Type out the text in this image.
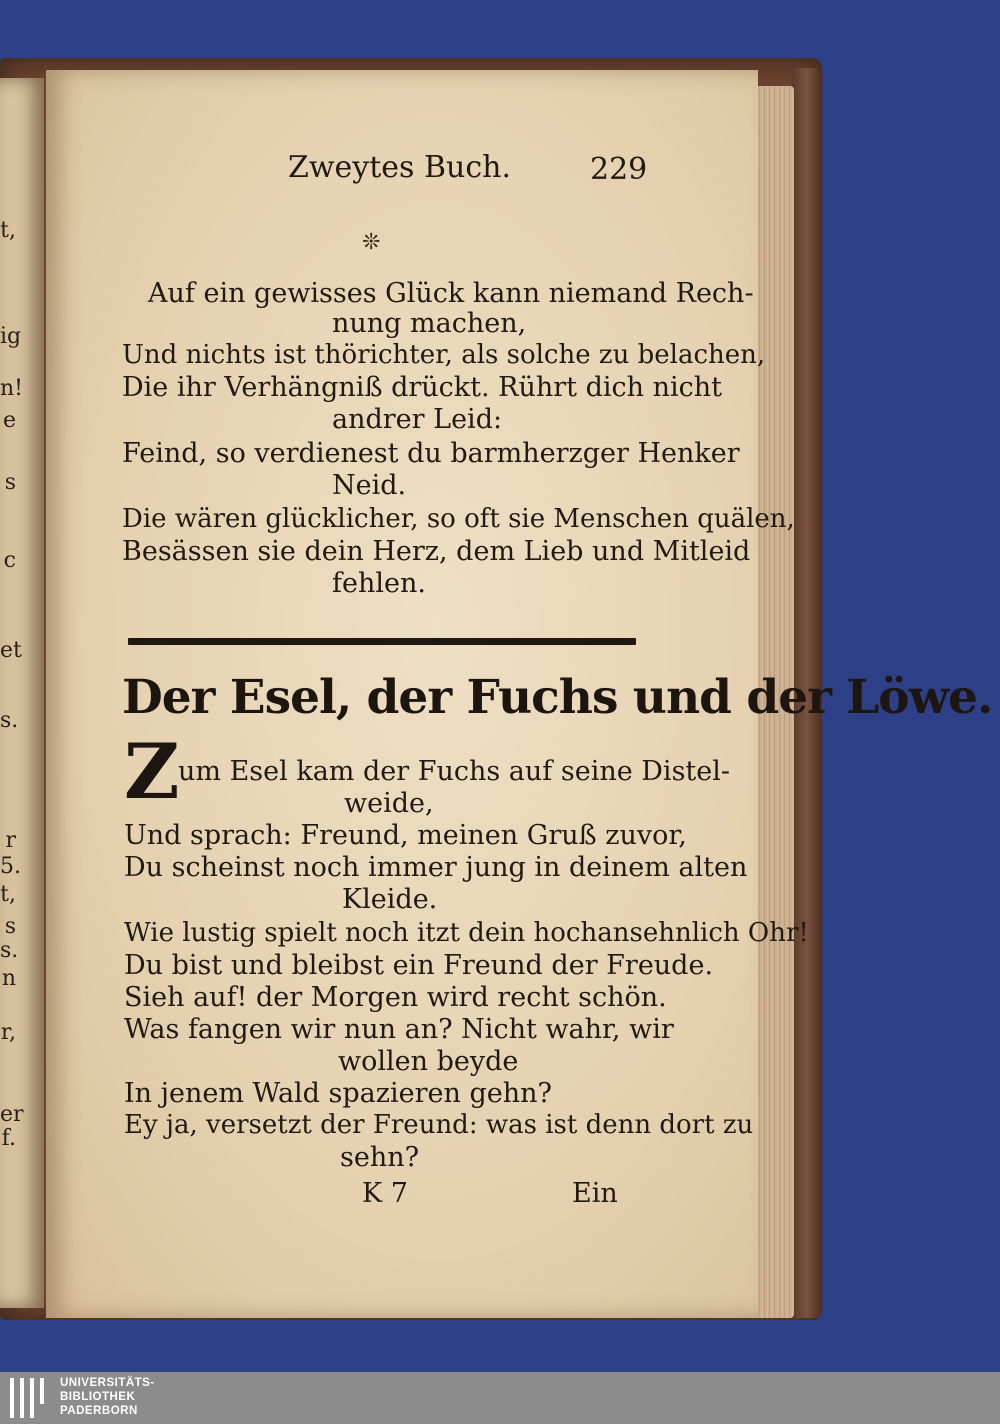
t,
ig
n!
e
s
c
et
s.
r
5.
t,
s
s.
n
r,
er
f.
Zweytes Buch.	229
❊
Auf ein gewisses Glück kann niemand Rech-
nung machen,
Und nichts ist thörichter, als solche zu belachen,
Die ihr Verhängniß drückt. Rührt dich nicht
andrer Leid:
Feind, so verdienest du barmherzger Henker
Neid.
Die wären glücklicher, so oft sie Menschen quälen,
Besässen sie dein Herz, dem Lieb und Mitleid
fehlen.
Der Esel, der Fuchs und der Löwe.
Z
um Esel kam der Fuchs auf seine Distel-
weide,
Und sprach: Freund, meinen Gruß zuvor,
Du scheinst noch immer jung in deinem alten
Kleide.
Wie lustig spielt noch itzt dein hochansehnlich Ohr!
Du bist und bleibst ein Freund der Freude.
Sieh auf! der Morgen wird recht schön.
Was fangen wir nun an? Nicht wahr, wir
wollen beyde
In jenem Wald spazieren gehn?
Ey ja, versetzt der Freund: was ist denn dort zu
sehn?
K 7	Ein
UNIVERSITÄTS-
BIBLIOTHEK
PADERBORN
